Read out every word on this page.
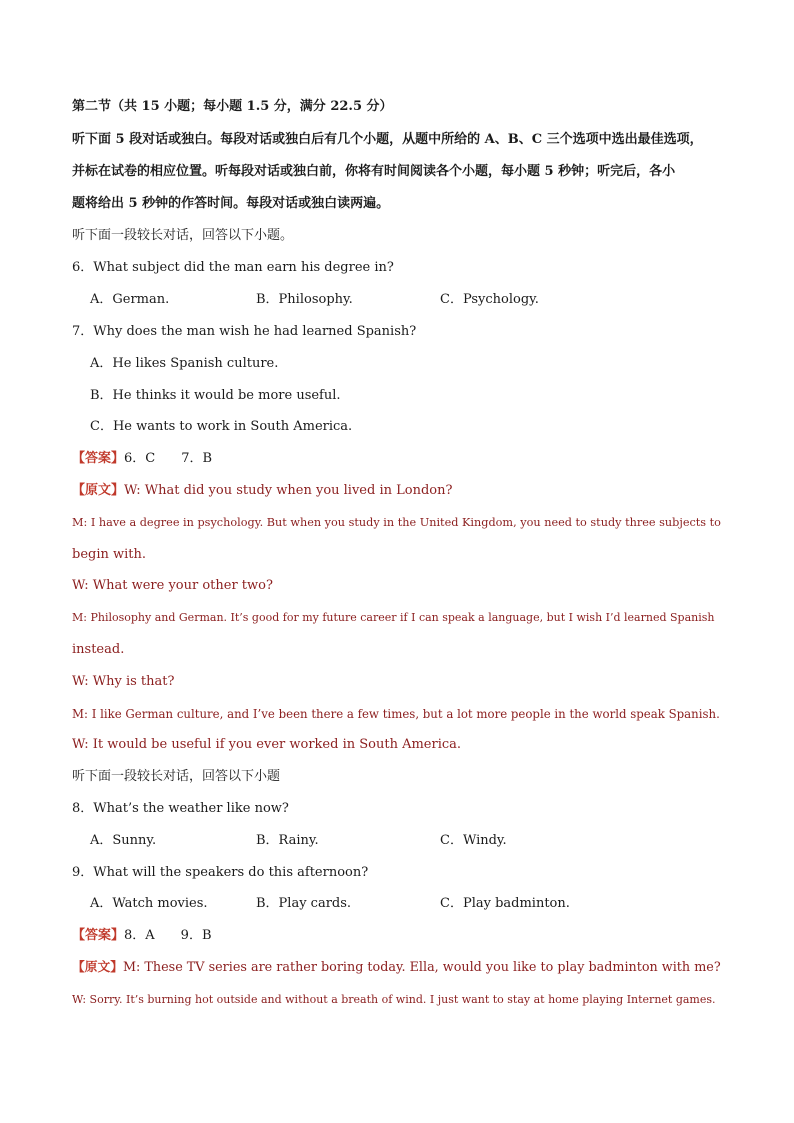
第二节（共 15 小题；每小题 1.5 分，满分 22.5 分）
听下面 5 段对话或独白。每段对话或独白后有几个小题，从题中所给的 A、B、C 三个选项中选出最佳选项，
并标在试卷的相应位置。听每段对话或独白前，你将有时间阅读各个小题，每小题 5 秒钟；听完后，各小
题将给出 5 秒钟的作答时间。每段对话或独白读两遍。
听下面一段较长对话，回答以下小题。
6．What subject did the man earn his degree in?
A．German.	B．Philosophy.	C．Psychology.
7．Why does the man wish he had learned Spanish?
A．He likes Spanish culture.
B．He thinks it would be more useful.
C．He wants to work in South America.
【答案】6．C　　7．B
【原文】W: What did you study when you lived in London?
M: I have a degree in psychology. But when you study in the United Kingdom, you need to study three subjects to
begin with.
W: What were your other two?
M: Philosophy and German. It’s good for my future career if I can speak a language, but I wish I’d learned Spanish
instead.
W: Why is that?
M: I like German culture, and I’ve been there a few times, but a lot more people in the world speak Spanish.
W: It would be useful if you ever worked in South America.
听下面一段较长对话，回答以下小题
8．What’s the weather like now?
A．Sunny.	B．Rainy.	C．Windy.
9．What will the speakers do this afternoon?
A．Watch movies.	B．Play cards.	C．Play badminton.
【答案】8．A　　9．B
【原文】M: These TV series are rather boring today. Ella, would you like to play badminton with me?
W: Sorry. It’s burning hot outside and without a breath of wind. I just want to stay at home playing Internet games.
